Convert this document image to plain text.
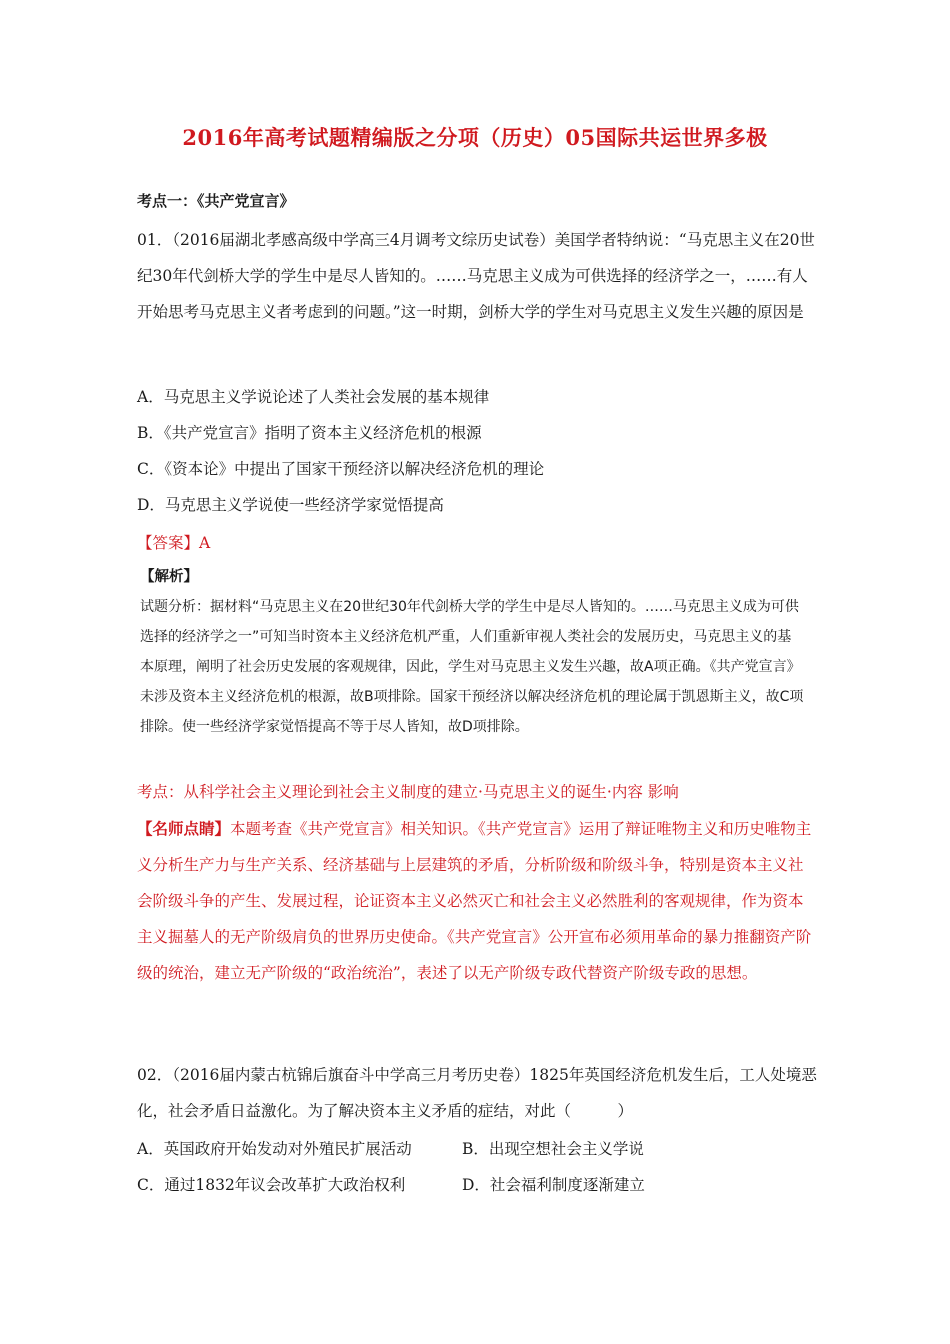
2016年高考试题精编版之分项（历史）05国际共运世界多极
考点一：《共产党宣言》

01．（2016届湖北孝感高级中学高三4月调考文综历史试卷）美国学者特纳说：“马克思主义在20世纪30年代剑桥大学的学生中是尽人皆知的。……马克思主义成为可供选择的经济学之一，……有人开始思考马克思主义者考虑到的问题。”这一时期，剑桥大学的学生对马克思主义发生兴趣的原因是

A．马克思主义学说论述了人类社会发展的基本规律
B．《共产党宣言》指明了资本主义经济危机的根源
C．《资本论》中提出了国家干预经济以解决经济危机的理论
D．马克思主义学说使一些经济学家觉悟提高
【答案】A
【解析】

试题分析：据材料“马克思主义在20世纪30年代剑桥大学的学生中是尽人皆知的。……马克思主义成为可供选择的经济学之一”可知当时资本主义经济危机严重，人们重新审视人类社会的发展历史，马克思主义的基本原理，阐明了社会历史发展的客观规律，因此，学生对马克思主义发生兴趣，故A项正确。《共产党宣言》未涉及资本主义经济危机的根源，故B项排除。国家干预经济以解决经济危机的理论属于凯恩斯主义，故C项排除。使一些经济学家觉悟提高不等于尽人皆知，故D项排除。

考点：从科学社会主义理论到社会主义制度的建立·马克思主义的诞生·内容 影响

【名师点睛】本题考查《共产党宣言》相关知识。《共产党宣言》运用了辩证唯物主义和历史唯物主义分析生产力与生产关系、经济基础与上层建筑的矛盾，分析阶级和阶级斗争，特别是资本主义社会阶级斗争的产生、发展过程，论证资本主义必然灭亡和社会主义必然胜利的客观规律，作为资本主义掘墓人的无产阶级肩负的世界历史使命。《共产党宣言》公开宣布必须用革命的暴力推翻资产阶级的统治，建立无产阶级的“政治统治”，表述了以无产阶级专政代替资产阶级专政的思想。

02．（2016届内蒙古杭锦后旗奋斗中学高三月考历史卷）1825年英国经济危机发生后，工人处境恶化，社会矛盾日益激化。为了解决资本主义矛盾的症结，对此（　　　）

A．英国政府开始发动对外殖民扩展活动	B．出现空想社会主义学说
C．通过1832年议会改革扩大政治权利	D．社会福利制度逐渐建立
